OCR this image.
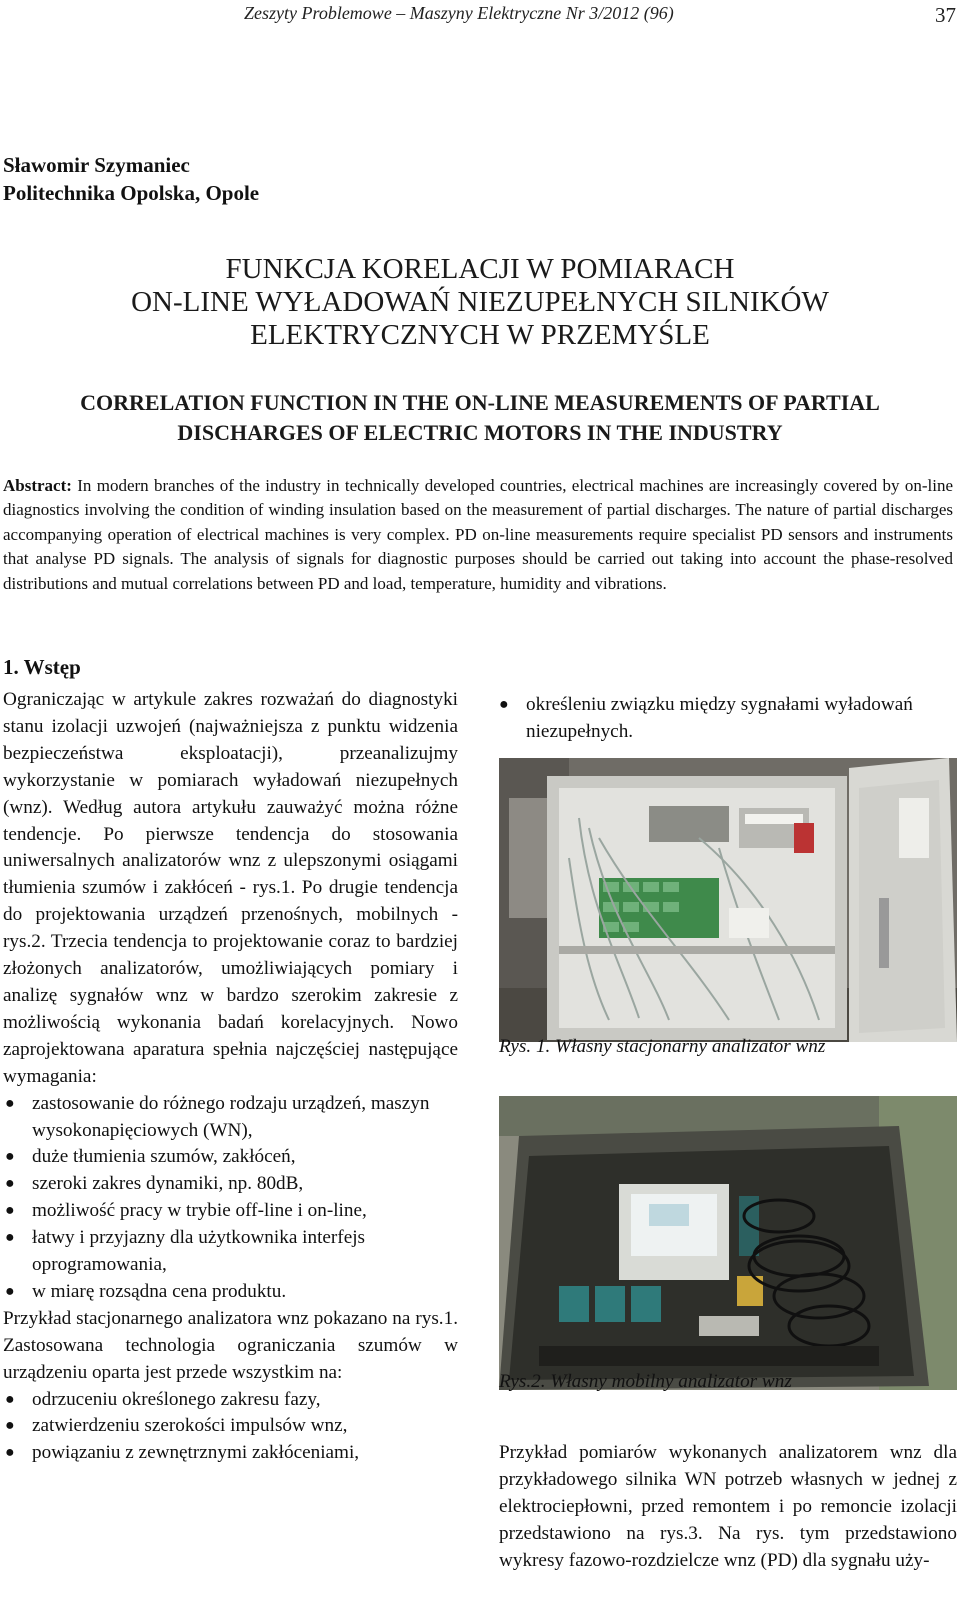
Zeszyty Problemowe – Maszyny Elektryczne Nr 3/2012 (96)	37
Sławomir Szymaniec
Politechnika Opolska, Opole
FUNKCJA KORELACJI W POMIARACH
ON-LINE WYŁADOWAŃ NIEZUPEŁNYCH SILNIKÓW
ELEKTRYCZNYCH W PRZEMYŚLE
CORRELATION FUNCTION IN THE ON-LINE MEASUREMENTS OF PARTIAL
DISCHARGES OF ELECTRIC MOTORS IN THE INDUSTRY
Abstract: In modern branches of the industry in technically developed countries, electrical machines are increasingly covered by on-line diagnostics involving the condition of winding insulation based on the measurement of partial discharges. The nature of partial discharges accompanying operation of electrical machines is very complex. PD on-line measurements require specialist PD sensors and instruments that analyse PD signals. The analysis of signals for diagnostic purposes should be carried out taking into account the phase-resolved distributions and mutual correlations between PD and load, temperature, humidity and vibrations.
1. Wstęp

Ograniczając w artykule zakres rozważań do diagnostyki stanu izolacji uzwojeń (najważniejsza z punktu widzenia bezpieczeństwa eksploatacji), przeanalizujmy wykorzystanie w pomiarach wyładowań niezupełnych (wnz). Według autora artykułu zauważyć można różne tendencje. Po pierwsze tendencja do stosowania uniwersalnych analizatorów wnz z ulepszonymi osiągami tłumienia szumów i zakłóceń - rys.1. Po drugie tendencja do projektowania urządzeń przenośnych, mobilnych - rys.2. Trzecia tendencja to projektowanie coraz to bardziej złożonych analizatorów, umożliwiających pomiary i analizę sygnałów wnz w bardzo szerokim zakresie z możliwością wykonania badań korelacyjnych. Nowo zaprojektowana aparatura spełnia najczęściej następujące wymagania:

● zastosowanie do różnego rodzaju urządzeń, maszyn wysokonapięciowych (WN),
● duże tłumienia szumów, zakłóceń,
● szeroki zakres dynamiki, np. 80dB,
● możliwość pracy w trybie off-line i on-line,
● łatwy i przyjazny dla użytkownika interfejs oprogramowania,
● w miarę rozsądna cena produktu.

Przykład stacjonarnego analizatora wnz pokazano na rys.1. Zastosowana technologia ograniczania szumów w urządzeniu oparta jest przede wszystkim na:

● odrzuceniu określonego zakresu fazy,
● zatwierdzeniu szerokości impulsów wnz,
● powiązaniu z zewnętrznymi zakłóceniami,
● określeniu związku między sygnałami wyładowań niezupełnych.
Rys. 1. Własny stacjonarny analizator wnz
Rys.2. Własny mobilny analizator wnz
Przykład pomiarów wykonanych analizatorem wnz dla przykładowego silnika WN potrzeb własnych w jednej z elektrociepłowni, przed remontem i po remoncie izolacji przedstawiono na rys.3. Na rys. tym przedstawiono wykresy fazowo-rozdzielcze wnz (PD) dla sygnału uży-
